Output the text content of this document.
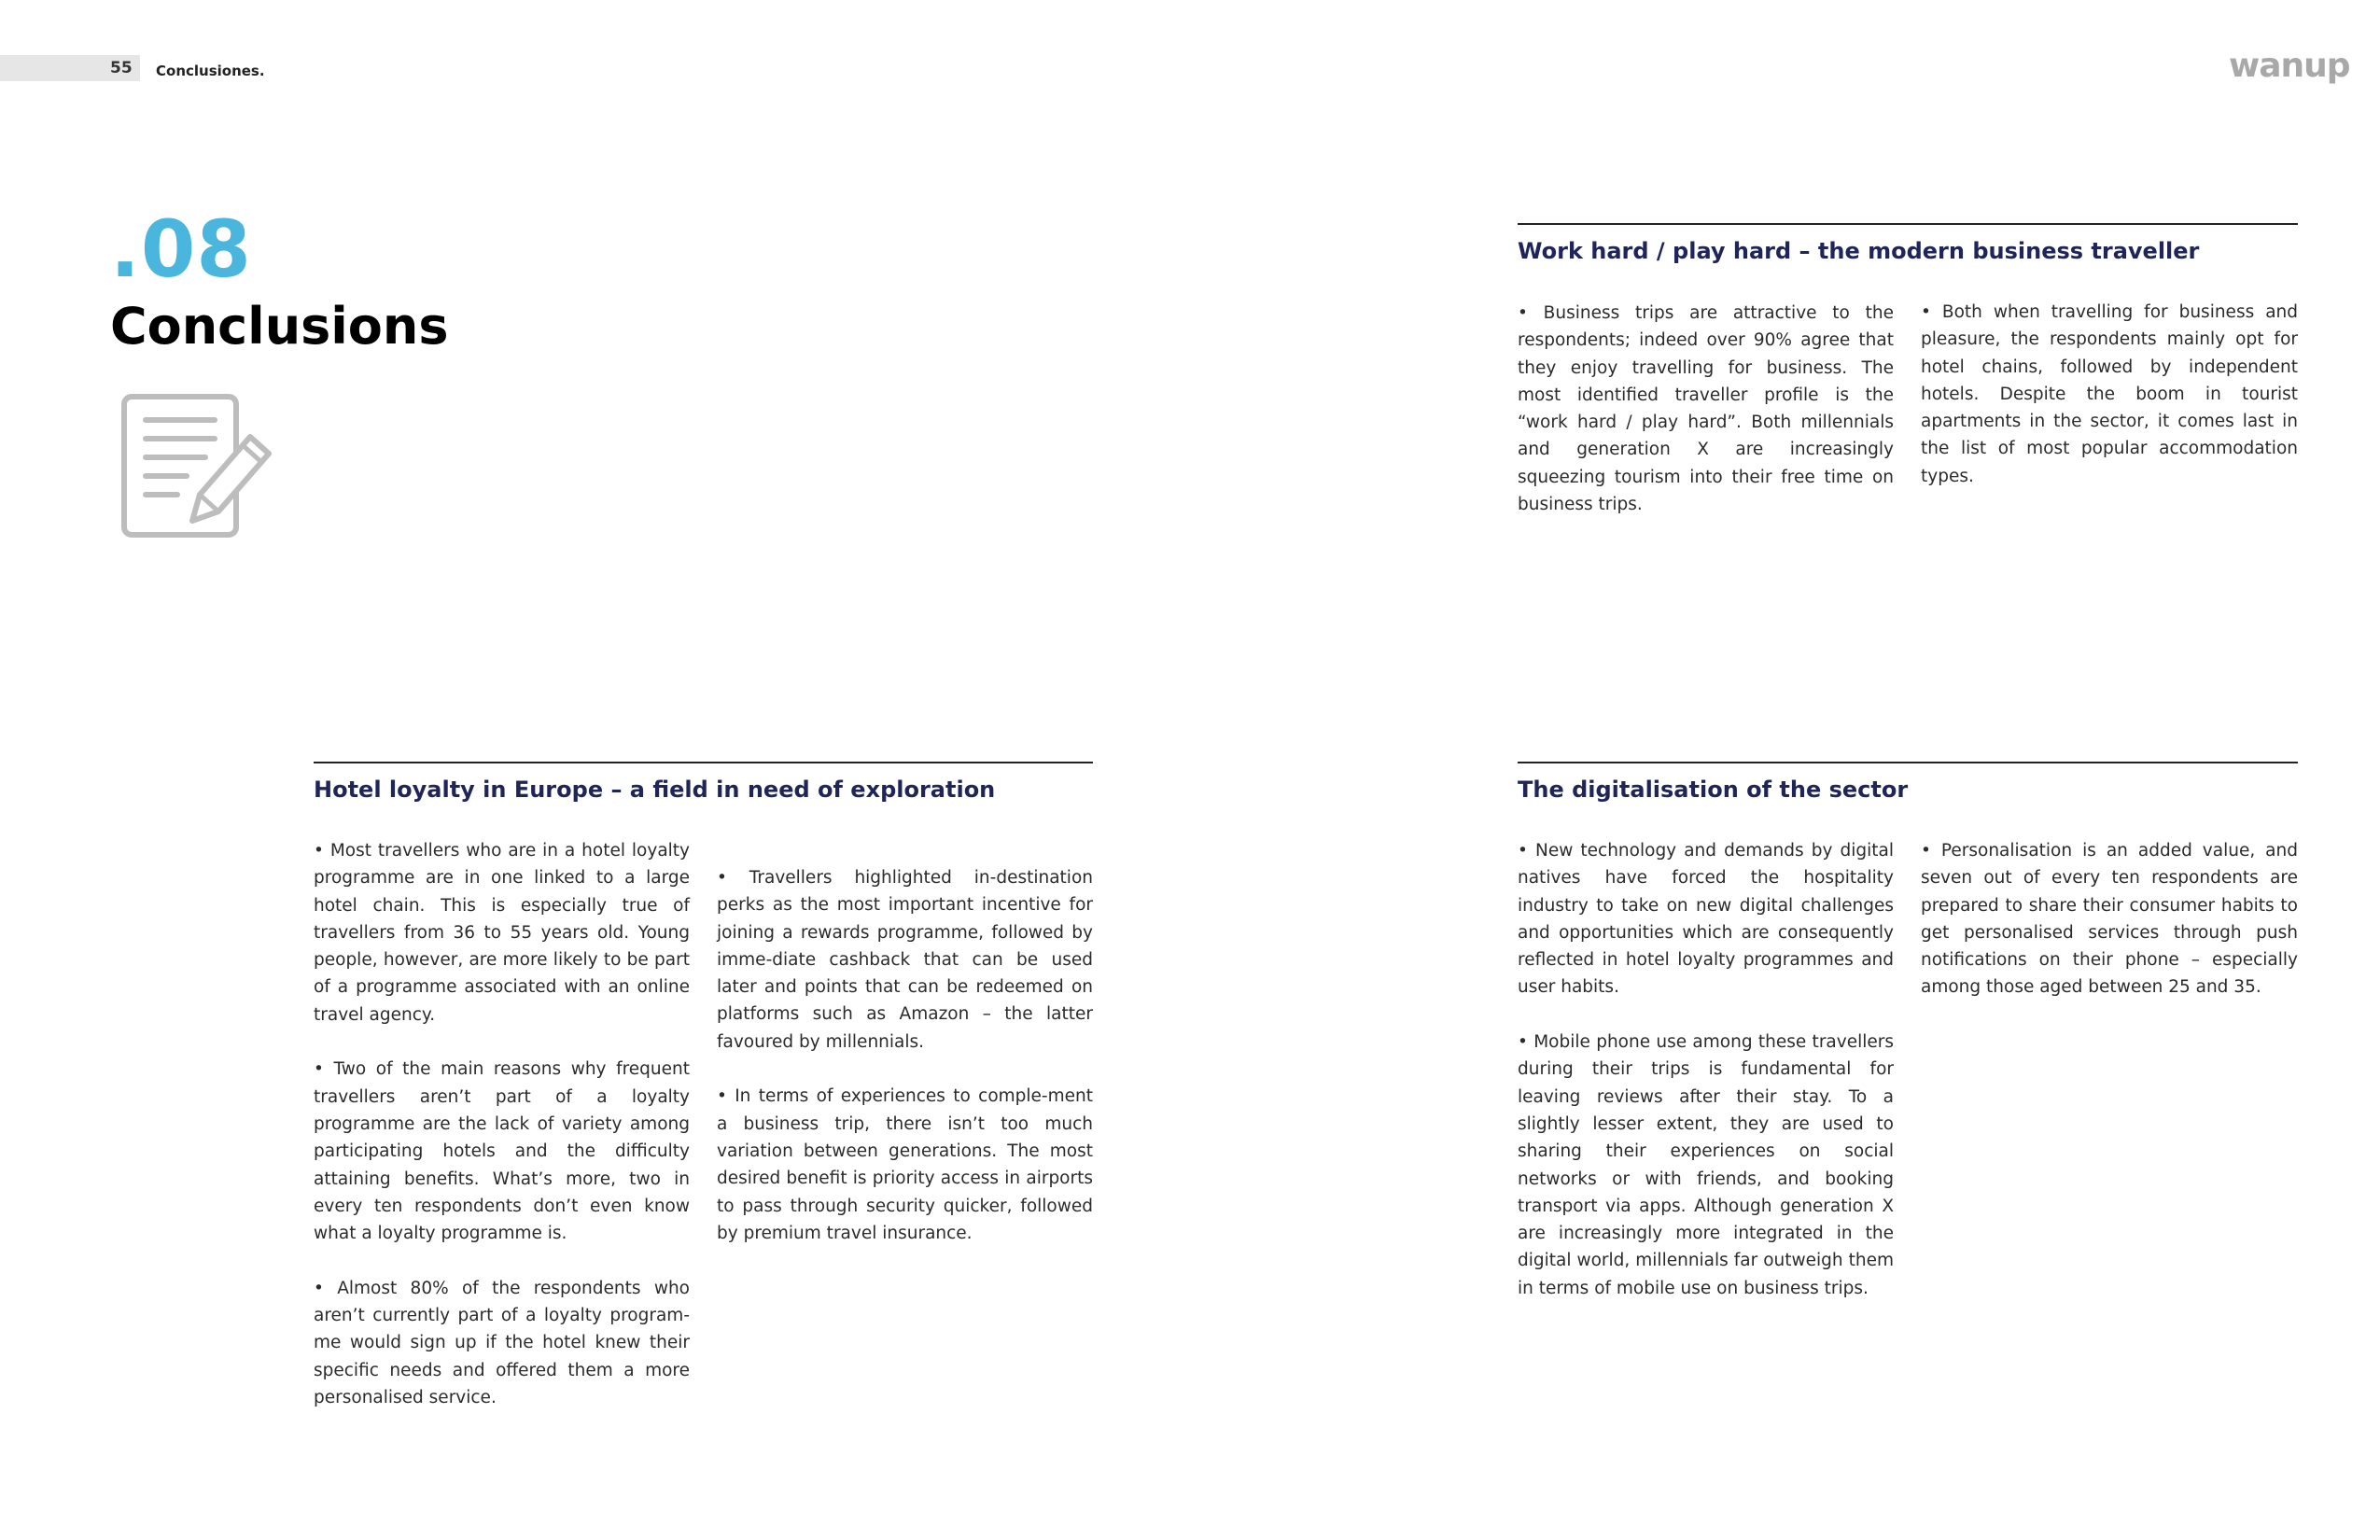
55 Conclusiones.	wanup
.08
Conclusions
Work hard / play hard – the modern business traveller

• Business trips are attractive to the respondents; indeed over 90% agree that they enjoy travelling for business. The most identified traveller profile is the “work hard / play hard”. Both millennials and generation X are increasingly squeezing tourism into their free time on business trips.

• Both when travelling for business and pleasure, the respondents mainly opt for hotel chains, followed by independent hotels. Despite the boom in tourist apartments in the sector, it comes last in the list of most popular accommodation types.

Hotel loyalty in Europe – a field in need of exploration

• Most travellers who are in a hotel loyalty programme are in one linked to a large hotel chain. This is especially true of travellers from 36 to 55 years old. Young people, however, are more likely to be part of a programme associated with an online travel agency.

• Two of the main reasons why frequent travellers aren’t part of a loyalty programme are the lack of variety among participating hotels and the difficulty attaining benefits. What’s more, two in every ten respondents don’t even know what a loyalty programme is.

• Almost 80% of the respondents who aren’t currently part of a loyalty program-me would sign up if the hotel knew their specific needs and offered them a more personalised service.

• Travellers highlighted in-destination perks as the most important incentive for joining a rewards programme, followed by imme-diate cashback that can be used later and points that can be redeemed on platforms such as Amazon – the latter favoured by millennials.

• In terms of experiences to comple-ment a business trip, there isn’t too much variation between generations. The most desired benefit is priority access in airports to pass through security quicker, followed by premium travel insurance.

The digitalisation of the sector

• New technology and demands by digital natives have forced the hospitality industry to take on new digital challenges and opportunities which are consequently reflected in hotel loyalty programmes and user habits.

• Mobile phone use among these travellers during their trips is fundamental for leaving reviews after their stay. To a slightly lesser extent, they are used to sharing their experiences on social networks or with friends, and booking transport via apps. Although generation X are increasingly more integrated in the digital world, millennials far outweigh them in terms of mobile use on business trips.

• Personalisation is an added value, and seven out of every ten respondents are prepared to share their consumer habits to get personalised services through push notifications on their phone – especially among those aged between 25 and 35.
